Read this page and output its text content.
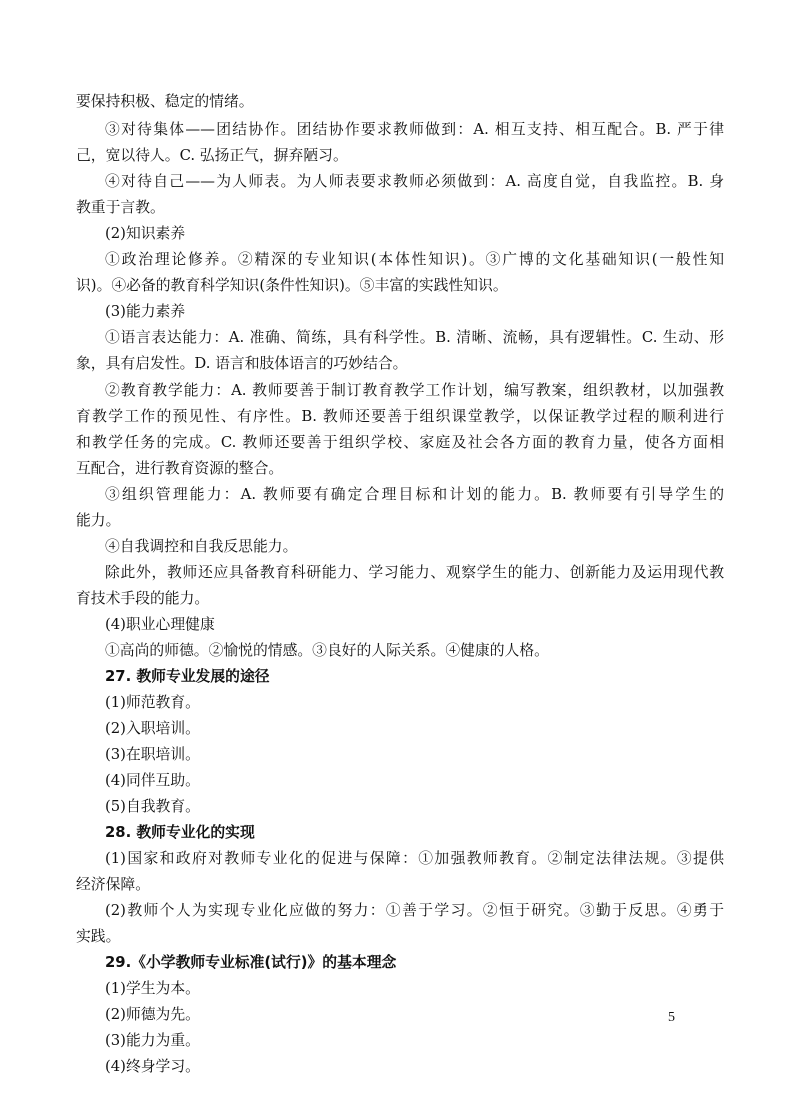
要保持积极、稳定的情绪。
③对待集体——团结协作。团结协作要求教师做到：A. 相互支持、相互配合。B. 严于律
己，宽以待人。C. 弘扬正气，摒弃陋习。
④对待自己——为人师表。为人师表要求教师必须做到：A. 高度自觉，自我监控。B. 身
教重于言教。
(2)知识素养
①政治理论修养。②精深的专业知识(本体性知识)。③广博的文化基础知识(一般性知
识)。④必备的教育科学知识(条件性知识)。⑤丰富的实践性知识。
(3)能力素养
①语言表达能力：A. 准确、简练，具有科学性。B. 清晰、流畅，具有逻辑性。C. 生动、形
象，具有启发性。D. 语言和肢体语言的巧妙结合。
②教育教学能力：A. 教师要善于制订教育教学工作计划，编写教案，组织教材，以加强教
育教学工作的预见性、有序性。B. 教师还要善于组织课堂教学，以保证教学过程的顺利进行
和教学任务的完成。C. 教师还要善于组织学校、家庭及社会各方面的教育力量，使各方面相
互配合，进行教育资源的整合。
③组织管理能力：A. 教师要有确定合理目标和计划的能力。B. 教师要有引导学生的
能力。
④自我调控和自我反思能力。
除此外，教师还应具备教育科研能力、学习能力、观察学生的能力、创新能力及运用现代教
育技术手段的能力。
(4)职业心理健康
①高尚的师德。②愉悦的情感。③良好的人际关系。④健康的人格。
27. 教师专业发展的途径
(1)师范教育。
(2)入职培训。
(3)在职培训。
(4)同伴互助。
(5)自我教育。
28. 教师专业化的实现
(1)国家和政府对教师专业化的促进与保障：①加强教师教育。②制定法律法规。③提供
经济保障。
(2)教师个人为实现专业化应做的努力：①善于学习。②恒于研究。③勤于反思。④勇于
实践。
29.《小学教师专业标准(试行)》的基本理念
(1)学生为本。
(2)师德为先。
(3)能力为重。
(4)终身学习。
5
